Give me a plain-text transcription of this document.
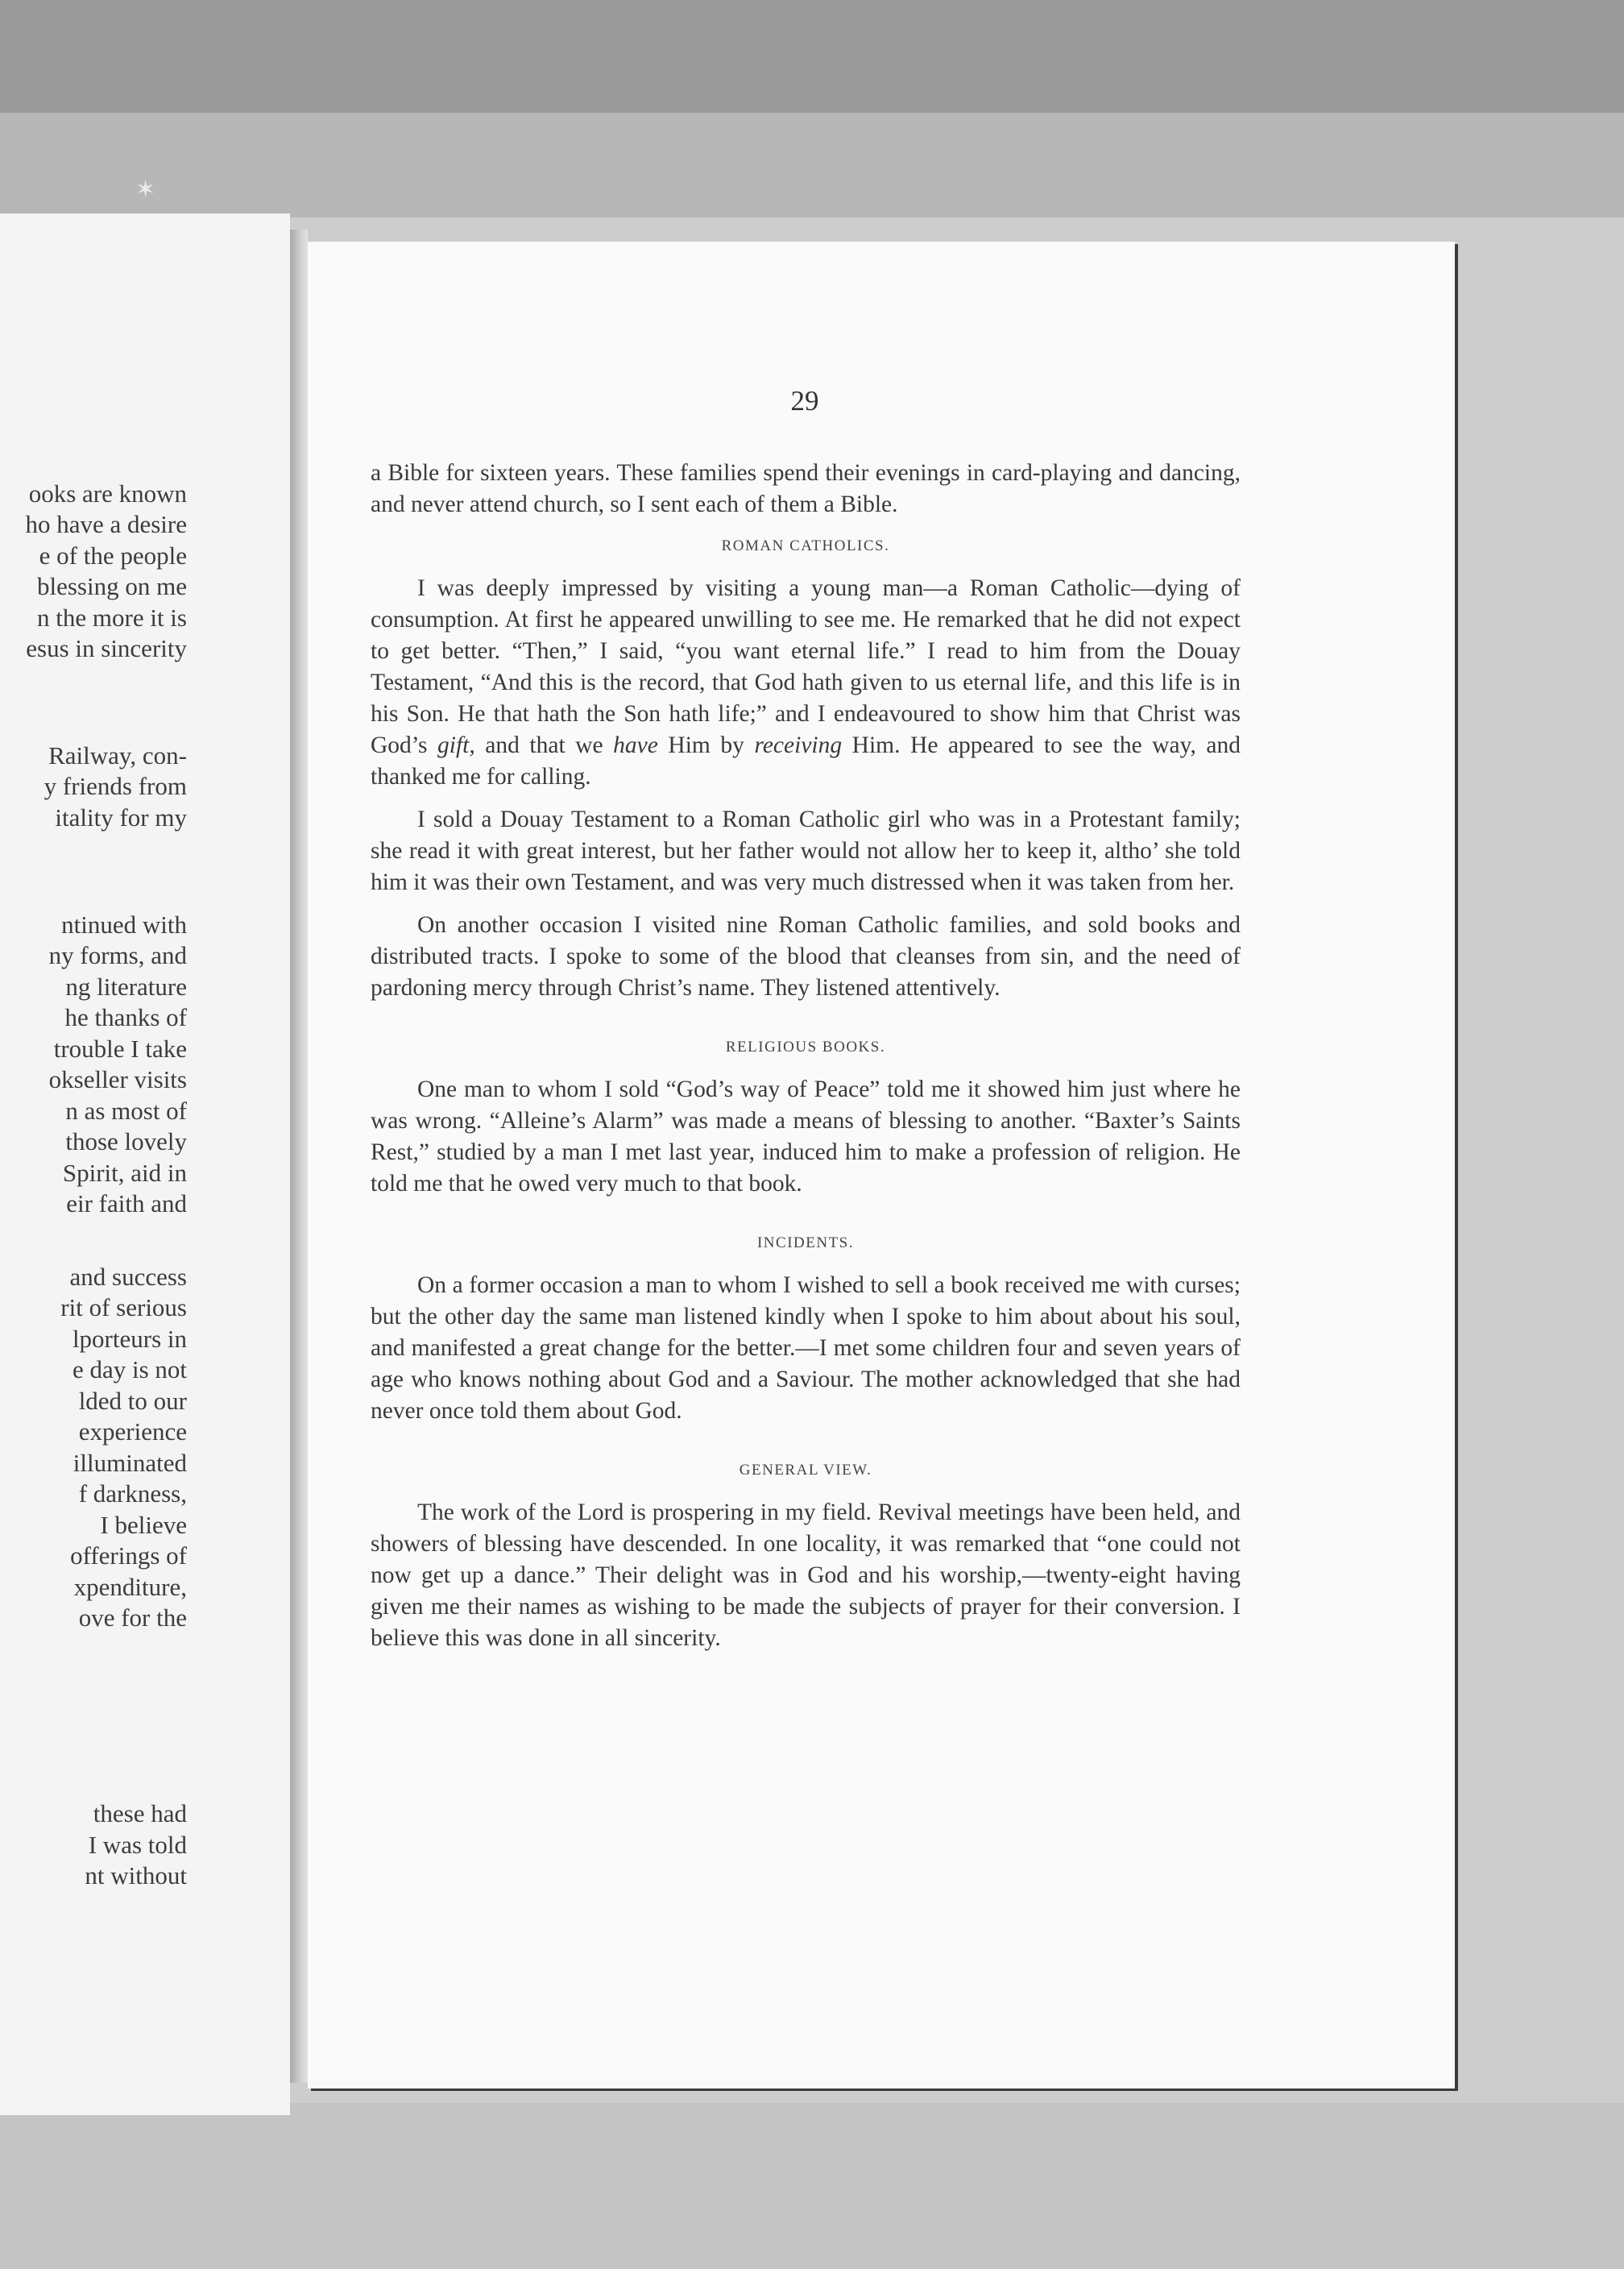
✶
ooks are known
ho have a desire
e of the people
blessing on me
n the more it is
esus in sincerity
Railway, con-
y friends from
itality for my
ntinued with
ny forms, and
ng literature
he thanks of
trouble I take
okseller visits
n as most of
those lovely
Spirit, aid in
eir faith and
and success
rit of serious
lporteurs in
e day is not
lded to our
experience
illuminated
f darkness,
I believe
offerings of
xpenditure,
ove for the
these had
I was told
nt without
29

a Bible for sixteen years. These families spend their evenings in card-playing and dancing, and never attend church, so I sent each of them a Bible.

ROMAN CATHOLICS.

I was deeply impressed by visiting a young man—a Roman Catholic—dying of consumption. At first he appeared unwilling to see me. He remarked that he did not expect to get better. “Then,” I said, “you want eternal life.” I read to him from the Douay Testament, “And this is the record, that God hath given to us eternal life, and this life is in his Son. He that hath the Son hath life;” and I endeavoured to show him that Christ was God’s gift, and that we have Him by receiving Him. He appeared to see the way, and thanked me for calling.

I sold a Douay Testament to a Roman Catholic girl who was in a Protestant family; she read it with great interest, but her father would not allow her to keep it, altho’ she told him it was their own Testament, and was very much distressed when it was taken from her.

On another occasion I visited nine Roman Catholic families, and sold books and distributed tracts. I spoke to some of the blood that cleanses from sin, and the need of pardoning mercy through Christ’s name. They listened attentively.

RELIGIOUS BOOKS.

One man to whom I sold “God’s way of Peace” told me it showed him just where he was wrong. “Alleine’s Alarm” was made a means of blessing to another. “Baxter’s Saints Rest,” studied by a man I met last year, induced him to make a profession of religion. He told me that he owed very much to that book.

INCIDENTS.

On a former occasion a man to whom I wished to sell a book received me with curses; but the other day the same man listened kindly when I spoke to him about about his soul, and manifested a great change for the better.—I met some children four and seven years of age who knows nothing about God and a Saviour. The mother acknowledged that she had never once told them about God.

GENERAL VIEW.

The work of the Lord is prospering in my field. Revival meetings have been held, and showers of blessing have descended. In one locality, it was remarked that “one could not now get up a dance.” Their delight was in God and his worship,—twenty-eight having given me their names as wishing to be made the subjects of prayer for their conversion. I believe this was done in all sincerity.
